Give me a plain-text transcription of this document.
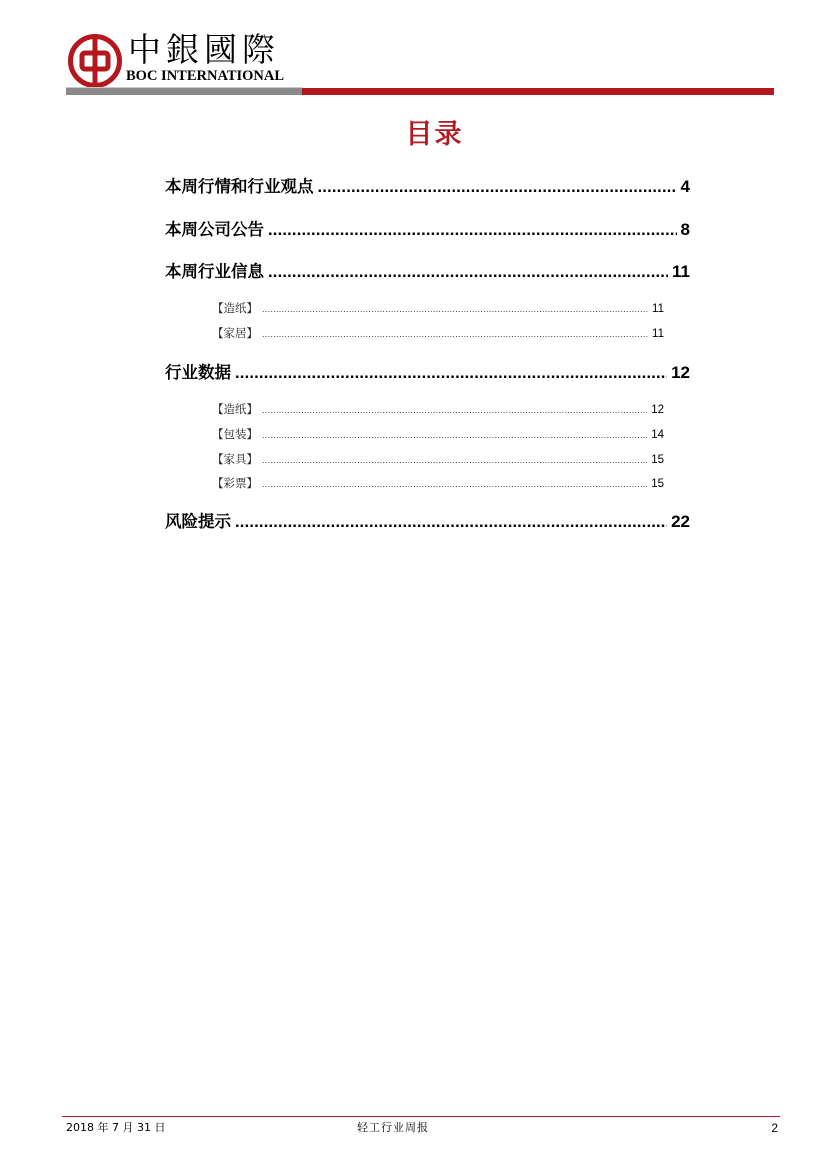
中銀國際
BOC INTERNATIONAL
目录
本周行情和行业观点 .....	4
本周公司公告 .....	8
本周行业信息 .....	11
【造纸】 .....	11
【家居】 .....	11
行业数据 .....	12
【造纸】 .....	12
【包装】 .....	14
【家具】 .....	15
【彩票】 .....	15
风险提示 .....	22
2018 年 7 月 31 日	轻工行业周报	2
